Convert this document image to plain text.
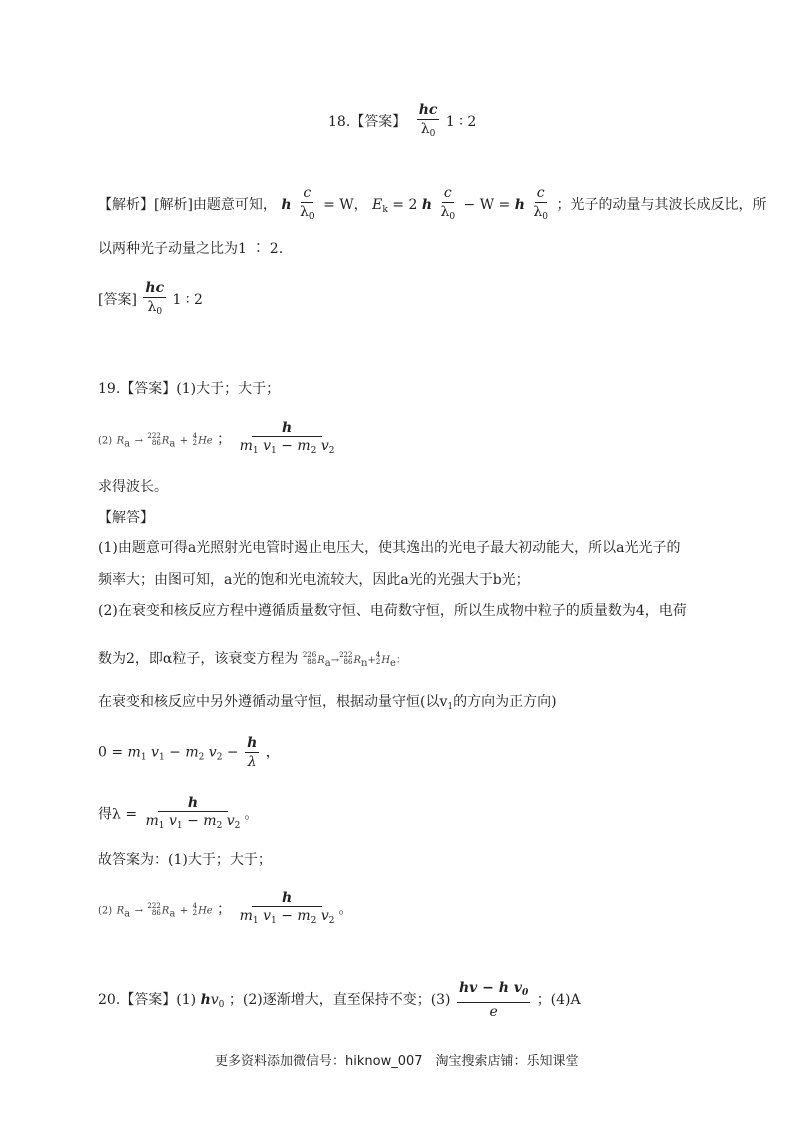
18.【答案】 $\frac{hc}{\lambda_0} 1$ ∶ 2
【解析】[解析]由题意可知， h $\frac{c}{\lambda_0} = W$， $E_k = 2$ h $\frac{c}{\lambda_0} - W = h \frac{c}{\lambda_0}$ ；光子的动量与其波长成反比，所
以两种光子动量之比为1 ∶ 2.
[答案] $\frac{hc}{\lambda_0} 1$ ∶ 2
19.【答案】(1)大于；大于；
(2) $R_a \to 222$
86 $R_a + 4$
2 He ； $\frac{h}{m_1 v_1 - m_2 v_2}$
求得波长。
【解答】
(1)由题意可得a光照射光电管时遏止电压大，使其逸出的光电子最大初动能大，所以a光光子的
频率大；由图可知，a光的饱和光电流较大，因此a光的光强大于b光；
(2)在衰变和核反应方程中遵循质量数守恒、电荷数守恒，所以生成物中粒子的质量数为4，电荷
数为2，即α粒子，该衰变方程为 226
88 $R_a\to 222$
86 $R_n+ 4$
2 $H_e$：
在衰变和核反应中另外遵循动量守恒，根据动量守恒(以$v_1$的方向为正方向)
$0 = m_1$ $v_1 - m_2$ $v_2 - \frac{h}{\lambda}$ ，
得$\lambda = \frac{h}{m_1 v_1 - m_2 v_2}$ 。
故答案为：(1)大于；大于；
(2) $R_a \to 222$
86 $R_a + 4$
2 He ； $\frac{h}{m_1 v_1 - m_2 v_2}$ 。
20.【答案】(1) $hv_0$ ；(2)逐渐增大，直至保持不变；$(3) \frac{hv - h v_0}{e}$ ；(4)A
更多资料添加微信号：hiknow_007　淘宝搜索店铺：乐知课堂
